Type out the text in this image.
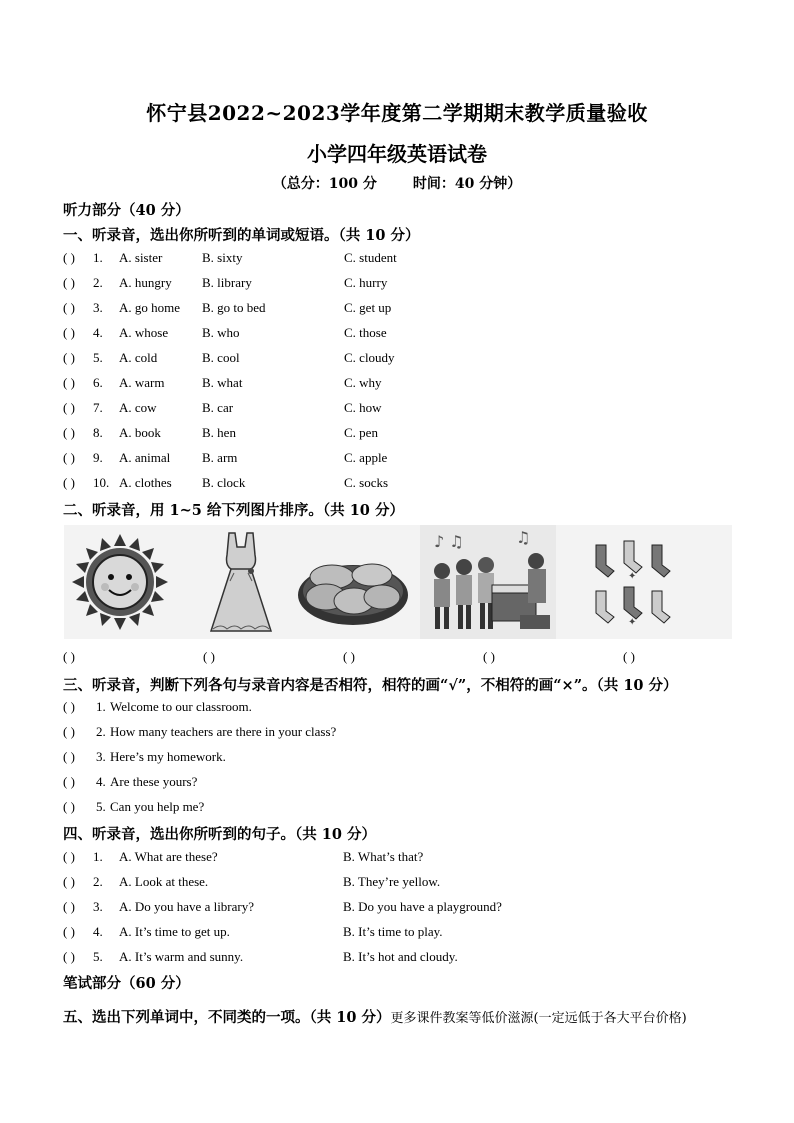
怀宁县2022~2023学年度第二学期期末教学质量验收
小学四年级英语试卷
（总分：100 分	时间：40 分钟）
听力部分（40 分）
一、听录音，选出你所听到的单词或短语。（共 10 分）
( ) 1. A. sister	B. sixty	C. student
( ) 2. A. hungry B. library	C. hurry
( ) 3. A. go home B. go to bed	C. get up
( ) 4. A. whose	B. who	C. those
( ) 5. A. cold	B. cool	C. cloudy
( ) 6. A. warm	B. what	C. why
( ) 7. A. cow	B. car	C. how
( ) 8. A. book	B. hen	C. pen
( ) 9. A. animal B. arm	C. apple
( ) 10. A. clothes B. clock	C. socks
二、听录音，用 1~5 给下列图片排序。（共 10 分）
♪ ♫	♫
✦
✦
( )	( )	( )	( )	( )
三、听录音，判断下列各句与录音内容是否相符，相符的画“√”，不相符的画“×”。（共 10 分）
( ) 1. Welcome to our classroom.
( ) 2. How many teachers are there in your class?
( ) 3. Here’s my homework.
( ) 4. Are these yours?
( ) 5. Can you help me?
四、听录音，选出你所听到的句子。（共 10 分）
( ) 1. A. What are these?	B. What’s that?
( ) 2. A. Look at these.	B. They’re yellow.
( ) 3. A. Do you have a library?	B. Do you have a playground?
( ) 4. A. It’s time to get up.	B. It’s time to play.
( ) 5. A. It’s warm and sunny.	B. It’s hot and cloudy.
笔试部分（60 分）
五、选出下列单词中，不同类的一项。（共 10 分）更多课件教案等低价滋源(一定远低于各大平台价格)
